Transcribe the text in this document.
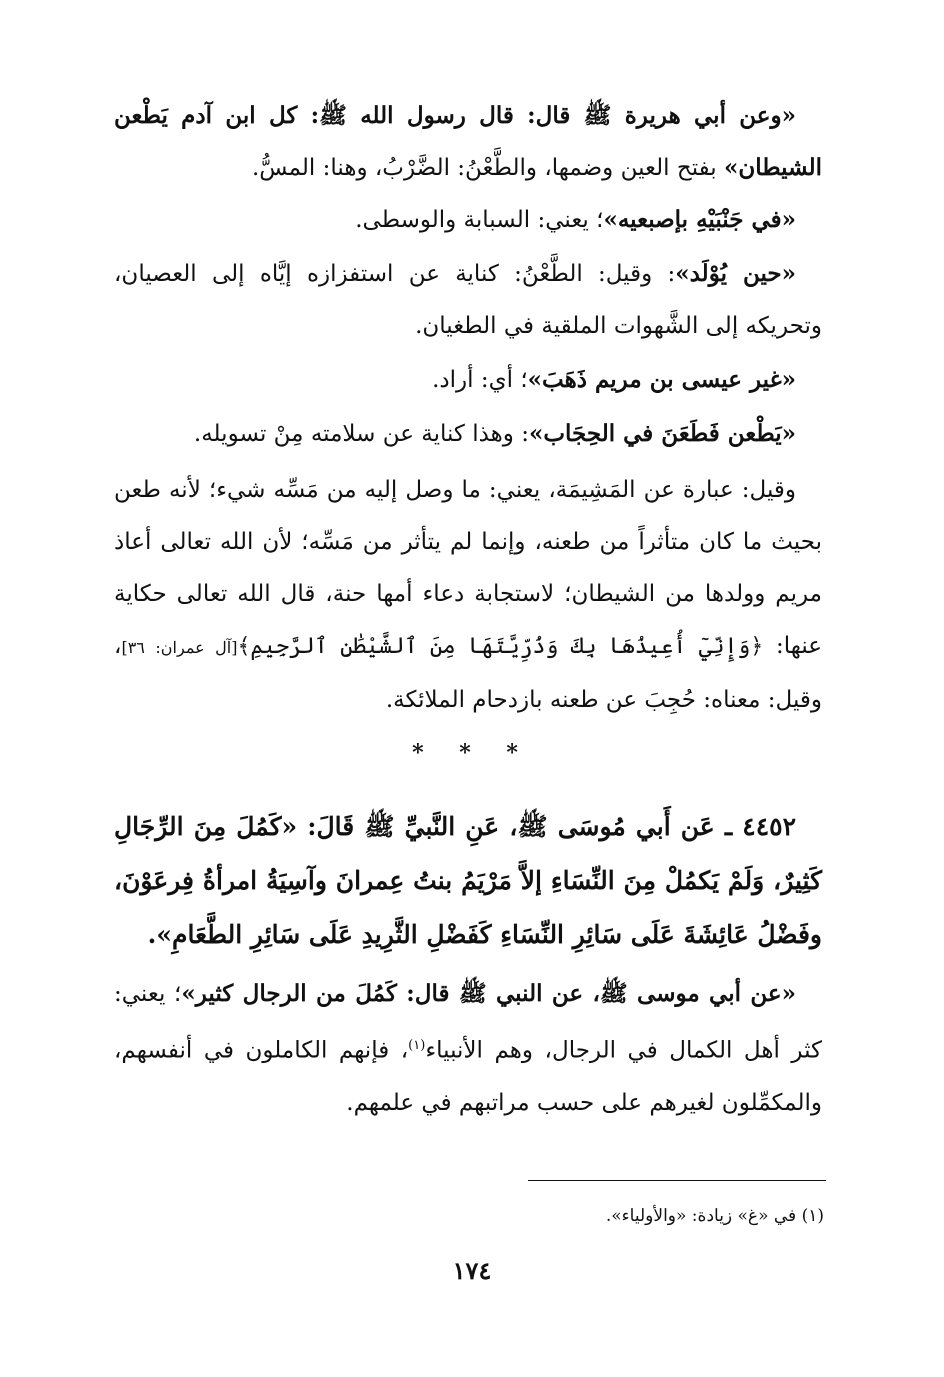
«وعن أبي هريرة ﷺ قال: قال رسول الله ﷺ: كل ابن آدم يَطْعن الشيطان» بفتح العين وضمها، والطَّعْنُ: الضَّرْبُ، وهنا: المسُّ.

«في جَنْبَيْهِ بإصبعيه»؛ يعني: السبابة والوسطى.

«حين يُوْلَد»: وقيل: الطَّعْنُ: كناية عن استفزازه إيَّاه إلى العصيان، وتحريكه إلى الشَّهوات الملقية في الطغيان.

«غير عيسى بن مريم ذَهَبَ»؛ أي: أراد.

«يَطْعن فَطَعَنَ في الحِجَاب»: وهذا كناية عن سلامته مِنْ تسويله.

وقيل: عبارة عن المَشِيمَة، يعني: ما وصل إليه من مَسِّه شيء؛ لأنه طعن بحيث ما كان متأثراً من طعنه، وإنما لم يتأثر من مَسِّه؛ لأن الله تعالى أعاذ مريم وولدها من الشيطان؛ لاستجابة دعاء أمها حنة، قال الله تعالى حكاية عنها: ﴿وَإِنِّيٓ أُعِيذُهَا بِكَ وَذُرِّيَّتَهَا مِنَ ٱلشَّيْطَٰنِ ٱلرَّجِيمِ﴾[آل عمران: ٣٦]، وقيل: معناه: حُجِبَ عن طعنه بازدحام الملائكة.

* * *

٤٤٥٢ ـ عَن أَبي مُوسَى ﷺ، عَنِ النَّبيِّ ﷺ قَالَ: «كَمُلَ مِنَ الرِّجَالِ كَثِيرٌ، وَلَمْ يَكمُلْ مِنَ النِّسَاءِ إلاَّ مَرْيَمُ بنتُ عِمرانَ وآسِيَةُ امرأةُ فِرعَوْنَ، وفَضْلُ عَائِشَةَ عَلَى سَائِرِ النِّسَاءِ كَفَضْلِ الثَّرِيدِ عَلَى سَائِرِ الطَّعَامِ».

«عن أبي موسى ﷺ، عن النبي ﷺ قال: كَمُلَ من الرجال كثير»؛ يعني: كثر أهل الكمال في الرجال، وهم الأنبياء$^{(١)}$، فإنهم الكاملون في أنفسهم، والمكمِّلون لغيرهم على حسب مراتبهم في علمهم.

(١) في «غ» زيادة: «والأولياء».
١٧٤
